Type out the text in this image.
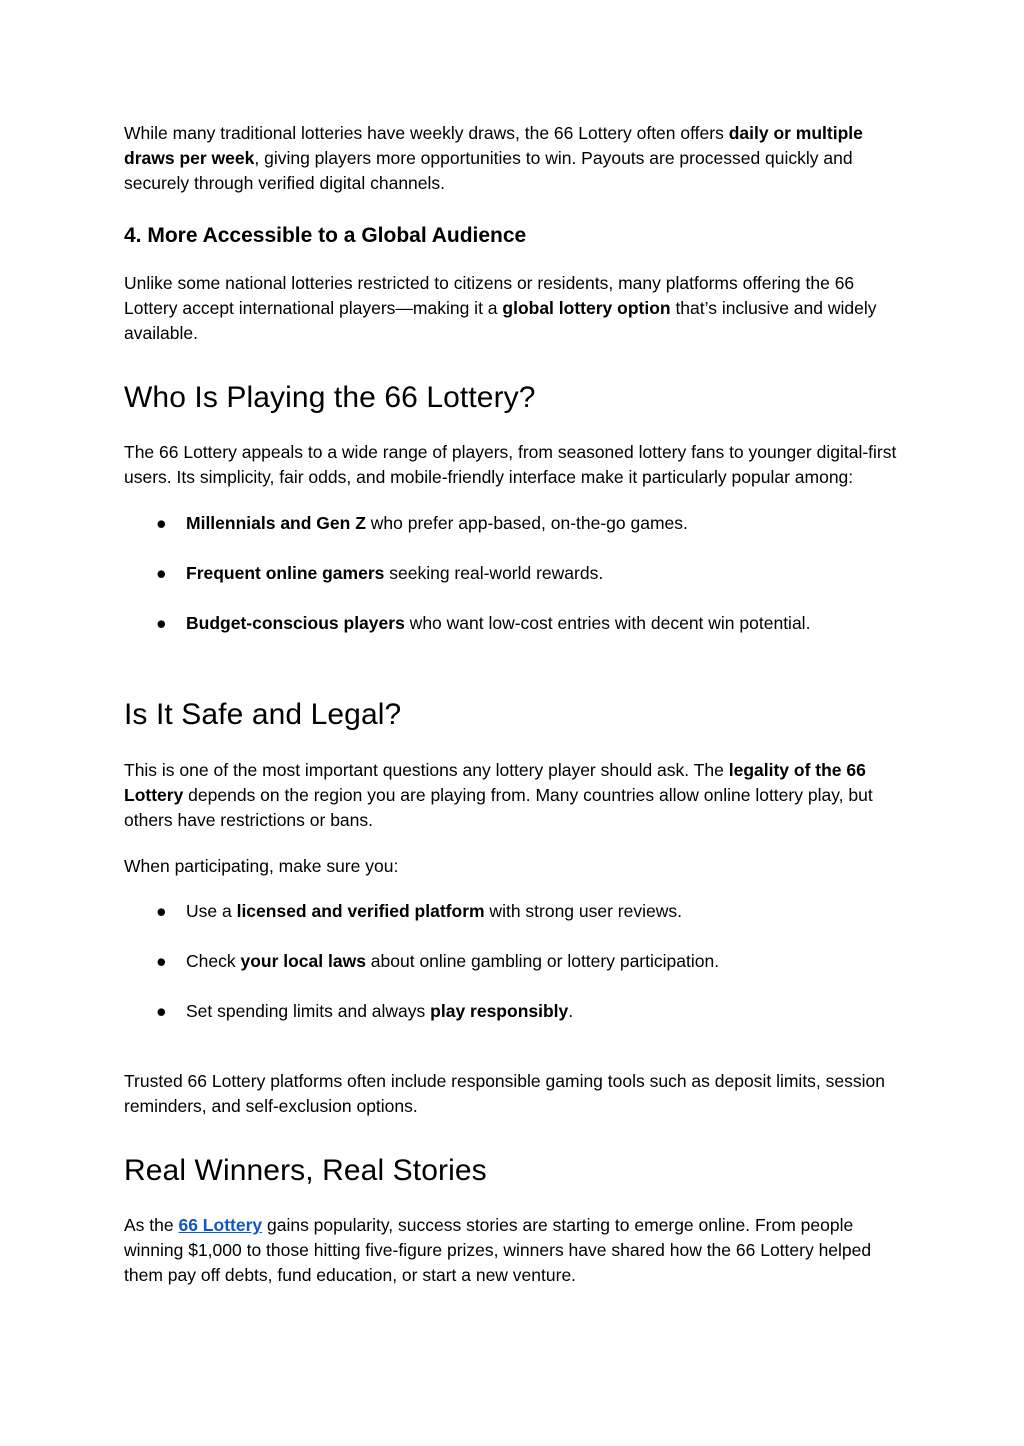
While many traditional lotteries have weekly draws, the 66 Lottery often offers daily or multiple draws per week, giving players more opportunities to win. Payouts are processed quickly and securely through verified digital channels.

4. More Accessible to a Global Audience

Unlike some national lotteries restricted to citizens or residents, many platforms offering the 66 Lottery accept international players—making it a global lottery option that’s inclusive and widely available.

Who Is Playing the 66 Lottery?

The 66 Lottery appeals to a wide range of players, from seasoned lottery fans to younger digital-first users. Its simplicity, fair odds, and mobile-friendly interface make it particularly popular among:

● Millennials and Gen Z who prefer app-based, on-the-go games.
● Frequent online gamers seeking real-world rewards.
● Budget-conscious players who want low-cost entries with decent win potential.
Is It Safe and Legal?

This is one of the most important questions any lottery player should ask. The legality of the 66 Lottery depends on the region you are playing from. Many countries allow online lottery play, but others have restrictions or bans.

When participating, make sure you:

● Use a licensed and verified platform with strong user reviews.
● Check your local laws about online gambling or lottery participation.
● Set spending limits and always play responsibly.

Trusted 66 Lottery platforms often include responsible gaming tools such as deposit limits, session reminders, and self-exclusion options.

Real Winners, Real Stories

As the 66 Lottery gains popularity, success stories are starting to emerge online. From people winning $1,000 to those hitting five-figure prizes, winners have shared how the 66 Lottery helped them pay off debts, fund education, or start a new venture.
